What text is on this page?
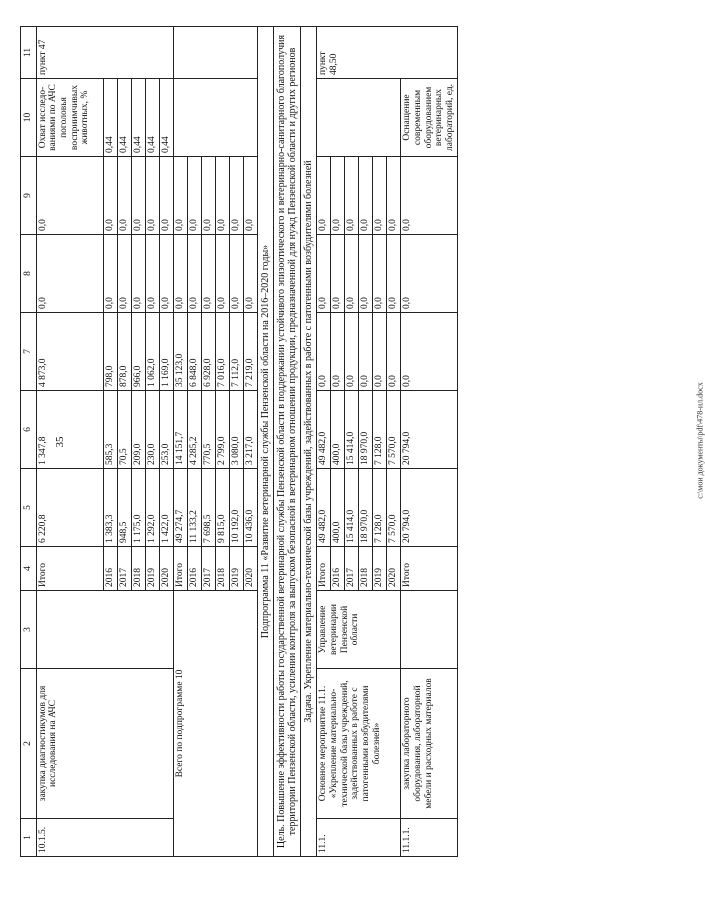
35	c:\мои документы\pdf\478-ил.docx
1	2	3	4	5	6	7	8	9	10	11
10.1.5.	закупка диагностикумов для исследования на АЧС		Итого	6 220,8	1 347,8	4 873,0	0,0	0,0	Охват исследо-ваниями по АЧС поголовья восприимчивых животных, %	пункт 47
			2016	1 383,3	585,3	798,0	0,0	0,0	0,44	
			2017	948,5	70,5	878,0	0,0	0,0	0,44	
			2018	1 175,0	209,0	966,0	0,0	0,0	0,44	
			2019	1 292,0	230,0	1 062,0	0,0	0,0	0,44	
			2020	1 422,0	253,0	1 169,0	0,0	0,0	0,44	
Всего по подпрограмме 10			Итого	49 274,7	14 151,7	35 123,0	0,0	0,0		
			2016	11 133,2	4 285,2	6 848,0	0,0	0,0		
			2017	7 698,5	770,5	6 928,0	0,0	0,0		
			2018	9 815,0	2 799,0	7 016,0	0,0	0,0		
			2019	10 192,0	3 080,0	7 112,0	0,0	0,0		
			2020	10 436,0	3 217,0	7 219,0	0,0	0,0		
Подпрограмма 11 «Развитие ветеринарной службы Пензенской области на 2016–2020 годы»										
Цель. Повышение эффективности работы государственной ветеринарной службы Пензенской области в поддержании устойчивого эпизоотического и ветеринарно-санитарного благополучия территории Пензенской области, усилении контроля за выпуском безопасной в ветеринарном отношении продукции, предназначенной для нужд Пензенской области и других регионов										
Задача. Укрепление материально-технической базы учреждений, задействованных в работе с патогенными возбудителями болезней										
11.1.	Основное мероприятие 11.1. «Укрепление материально-технической базы учреждений, задействованных в работе с патогенными возбудителями болезней»	Управление ветеринарии Пензенской области	Итого	49 482,0	49 482,0	0,0	0,0	0,0		пункт 48,50
			2016	400,0	400,0	0,0	0,0	0,0		
			2017	15 414,0	15 414,0	0,0	0,0	0,0		
			2018	18 970,0	18 970,0	0,0	0,0	0,0		
			2019	7 128,0	7 128,0	0,0	0,0	0,0		
			2020	7 570,0	7 570,0	0,0	0,0	0,0		
11.1.1.	закупка лабораторного оборудования, лабораторной мебели и расходных материалов		Итого	20 794,0	20 794,0	0,0	0,0	0,0	Оснащение современным оборудованием ветеринарных лабораторий, ед.	
